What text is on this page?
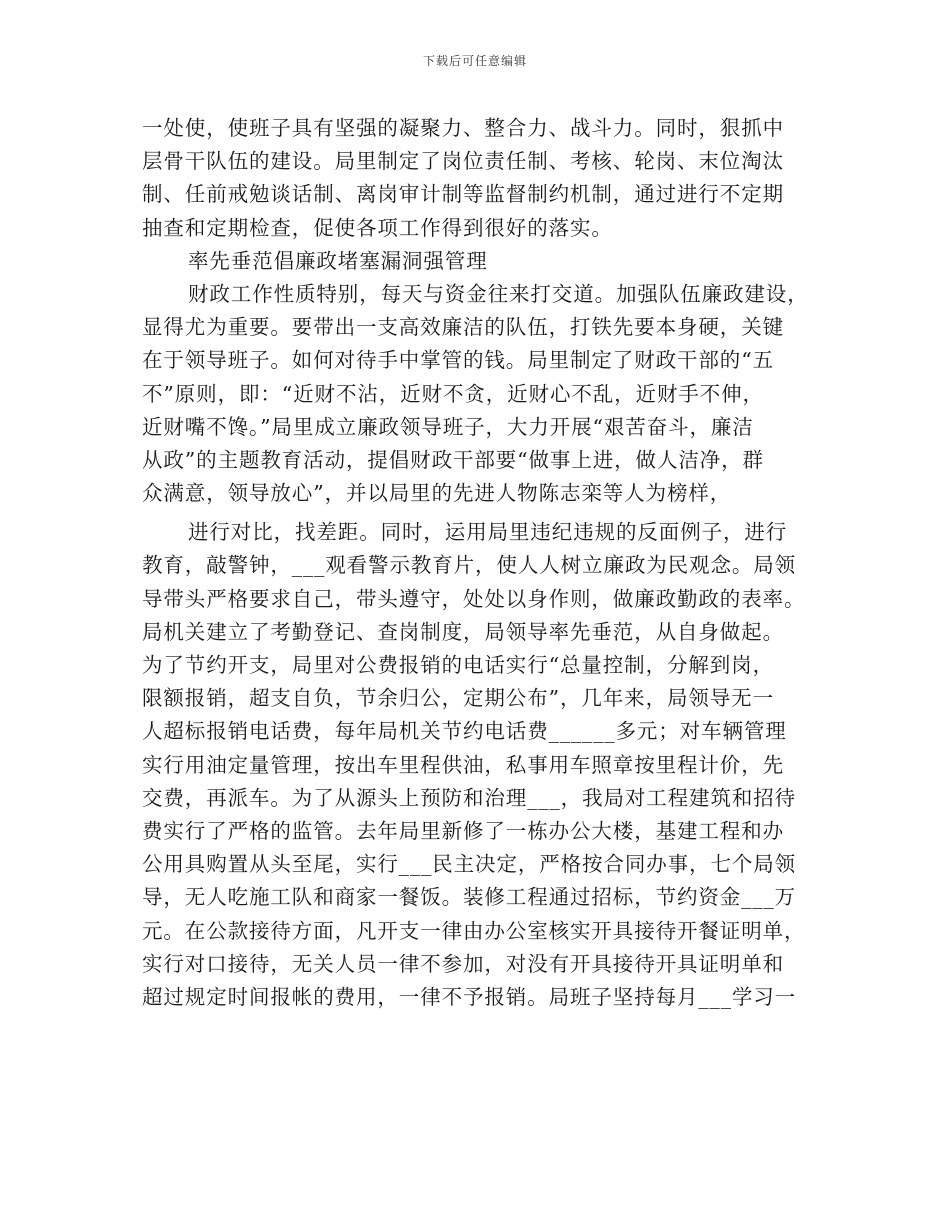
下载后可任意编辑
一处使，使班子具有坚强的凝聚力、整合力、战斗力。同时，狠抓中
层骨干队伍的建设。局里制定了岗位责任制、考核、轮岗、末位淘汰
制、任前戒勉谈话制、离岗审计制等监督制约机制，通过进行不定期
抽查和定期检查，促使各项工作得到很好的落实。
率先垂范倡廉政堵塞漏洞强管理
财政工作性质特别，每天与资金往来打交道。加强队伍廉政建设，
显得尤为重要。要带出一支高效廉洁的队伍，打铁先要本身硬，关键
在于领导班子。如何对待手中掌管的钱。局里制定了财政干部的“五
不”原则，即：“近财不沾，近财不贪，近财心不乱，近财手不伸，
近财嘴不馋。”局里成立廉政领导班子，大力开展“艰苦奋斗，廉洁
从政”的主题教育活动，提倡财政干部要“做事上进，做人洁净，群
众满意，领导放心”，并以局里的先进人物陈志栾等人为榜样，
进行对比，找差距。同时，运用局里违纪违规的反面例子，进行
教育，敲警钟，___观看警示教育片，使人人树立廉政为民观念。局领
导带头严格要求自己，带头遵守，处处以身作则，做廉政勤政的表率。
局机关建立了考勤登记、查岗制度，局领导率先垂范，从自身做起。
为了节约开支，局里对公费报销的电话实行“总量控制，分解到岗，
限额报销，超支自负，节余归公，定期公布”，几年来，局领导无一
人超标报销电话费，每年局机关节约电话费______多元；对车辆管理
实行用油定量管理，按出车里程供油，私事用车照章按里程计价，先
交费，再派车。为了从源头上预防和治理___，我局对工程建筑和招待
费实行了严格的监管。去年局里新修了一栋办公大楼，基建工程和办
公用具购置从头至尾，实行___民主决定，严格按合同办事，七个局领
导，无人吃施工队和商家一餐饭。装修工程通过招标，节约资金___万
元。在公款接待方面，凡开支一律由办公室核实开具接待开餐证明单，
实行对口接待，无关人员一律不参加，对没有开具接待开具证明单和
超过规定时间报帐的费用，一律不予报销。局班子坚持每月___学习一
